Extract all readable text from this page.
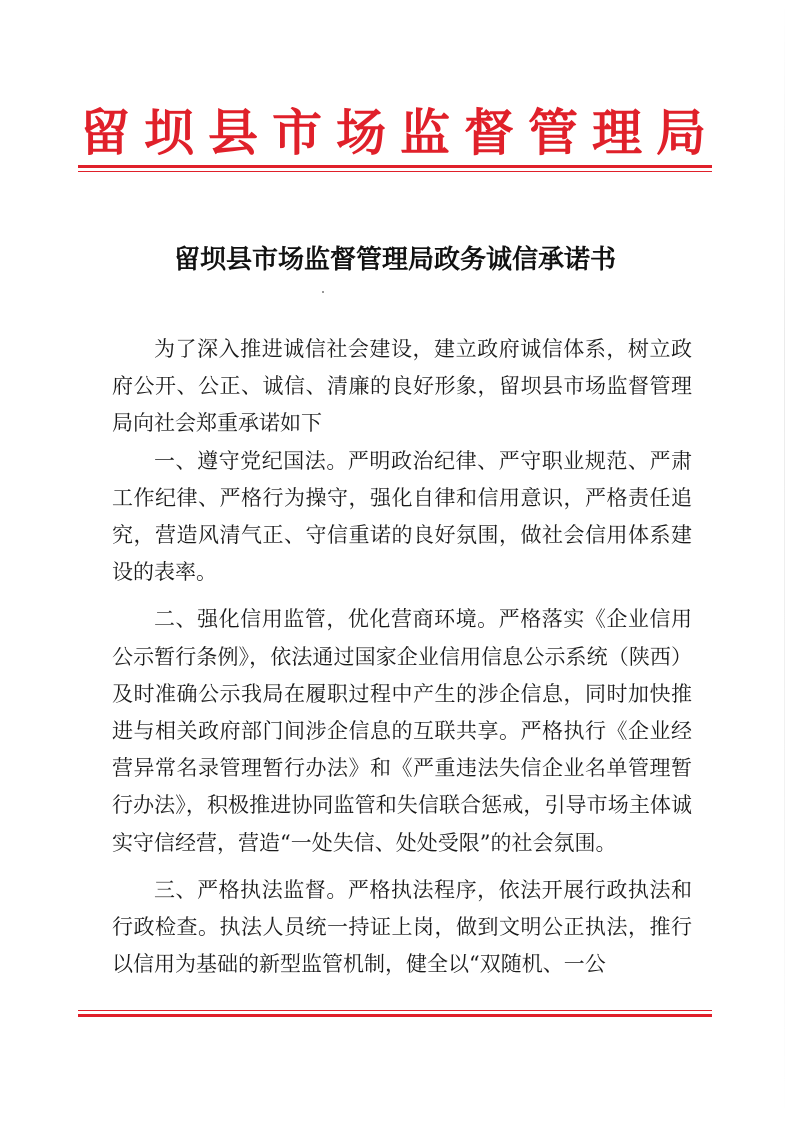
留坝县市场监督管理局
留坝县市场监督管理局政务诚信承诺书

为了深入推进诚信社会建设，建立政府诚信体系，树立政府公开、公正、诚信、清廉的良好形象，留坝县市场监督管理局向社会郑重承诺如下

一、遵守党纪国法。严明政治纪律、严守职业规范、严肃工作纪律、严格行为操守，强化自律和信用意识，严格责任追究，营造风清气正、守信重诺的良好氛围，做社会信用体系建设的表率。

二、强化信用监管，优化营商环境。严格落实《企业信用公示暂行条例》，依法通过国家企业信用信息公示系统（陕西）及时准确公示我局在履职过程中产生的涉企信息，同时加快推进与相关政府部门间涉企信息的互联共享。严格执行《企业经营异常名录管理暂行办法》和《严重违法失信企业名单管理暂行办法》，积极推进协同监管和失信联合惩戒，引导市场主体诚实守信经营，营造“一处失信、处处受限”的社会氛围。

三、严格执法监督。严格执法程序，依法开展行政执法和行政检查。执法人员统一持证上岗，做到文明公正执法，推行以信用为基础的新型监管机制，健全以“双随机、一公
